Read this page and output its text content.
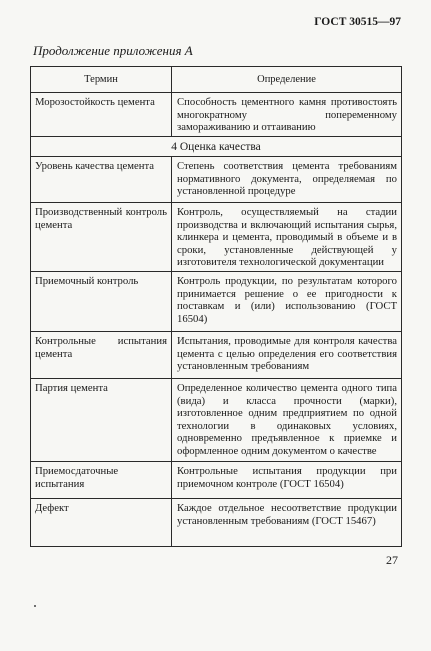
ГОСТ 30515—97
Продолжение приложения А
Термин	Определение
Морозостойкость цемента	Способность цементного камня противостоять многократному попеременному замораживанию и оттаиванию
4 Оценка качества	
Уровень качества цемента	Степень соответствия цемента требованиям нормативного документа, определяемая по установленной процедуре
Производственный контроль цемента	Контроль, осуществляемый на стадии производства и включающий испытания сырья, клинкера и цемента, проводимый в объеме и в сроки, установленные действующей у изготовителя технологической документации
Приемочный контроль	Контроль продукции, по результатам которого принимается решение о ее пригодности к поставкам и (или) использованию (ГОСТ 16504)
Контрольные испытания цемента	Испытания, проводимые для контроля качества цемента с целью определения его соответствия установленным требованиям
Партия цемента	Определенное количество цемента одного типа (вида) и класса прочности (марки), изготовленное одним предприятием по одной технологии в одинаковых условиях, одновременно предъявленное к приемке и оформленное одним документом о качестве
Приемосдаточные испытания	Контрольные испытания продукции при приемочном контроле (ГОСТ 16504)
Дефект	Каждое отдельное несоответствие продукции установленным требованиям (ГОСТ 15467)
27
